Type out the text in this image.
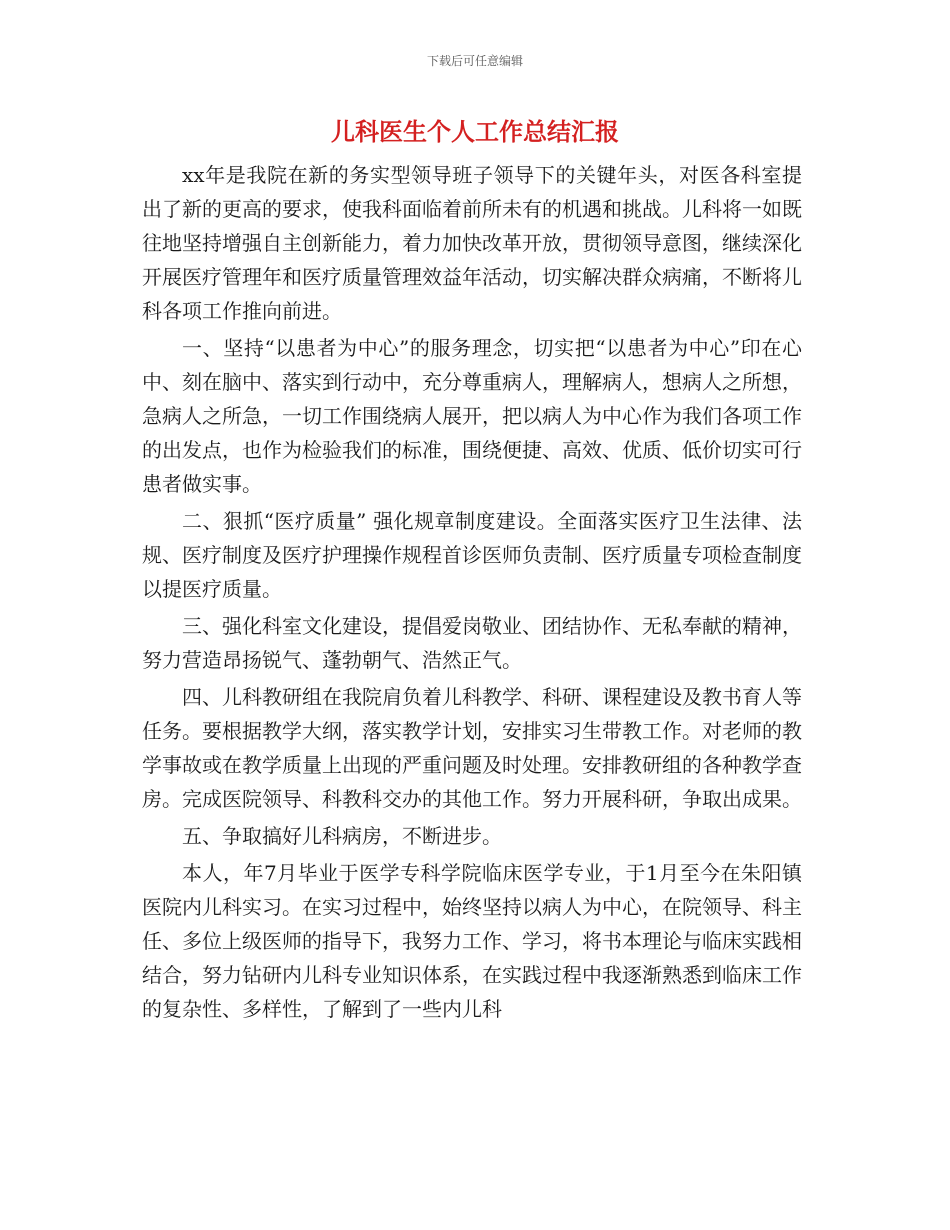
下载后可任意编辑
儿科医生个人工作总结汇报

xx年是我院在新的务实型领导班子领导下的关键年头，对医各科室提出了新的更高的要求，使我科面临着前所未有的机遇和挑战。儿科将一如既往地坚持增强自主创新能力，着力加快改革开放，贯彻领导意图，继续深化开展医疗管理年和医疗质量管理效益年活动，切实解决群众病痛，不断将儿科各项工作推向前进。

一、坚持“以患者为中心”的服务理念，切实把“以患者为中心”印在心中、刻在脑中、落实到行动中，充分尊重病人，理解病人，想病人之所想，急病人之所急，一切工作围绕病人展开，把以病人为中心作为我们各项工作的出发点，也作为检验我们的标准，围绕便捷、高效、优质、低价切实可行患者做实事。

二、狠抓“医疗质量” 强化规章制度建设。全面落实医疗卫生法律、法规、医疗制度及医疗护理操作规程首诊医师负责制、医疗质量专项检查制度以提医疗质量。

三、强化科室文化建设，提倡爱岗敬业、团结协作、无私奉献的精神，努力营造昂扬锐气、蓬勃朝气、浩然正气。

四、儿科教研组在我院肩负着儿科教学、科研、课程建设及教书育人等任务。要根据教学大纲，落实教学计划，安排实习生带教工作。对老师的教学事故或在教学质量上出现的严重问题及时处理。安排教研组的各种教学查房。完成医院领导、科教科交办的其他工作。努力开展科研，争取出成果。

五、争取搞好儿科病房，不断进步。

本人，年7月毕业于医学专科学院临床医学专业，于1月至今在朱阳镇医院内儿科实习。在实习过程中，始终坚持以病人为中心，在院领导、科主任、多位上级医师的指导下，我努力工作、学习，将书本理论与临床实践相结合，努力钻研内儿科专业知识体系，在实践过程中我逐渐熟悉到临床工作的复杂性、多样性，了解到了一些内儿科
